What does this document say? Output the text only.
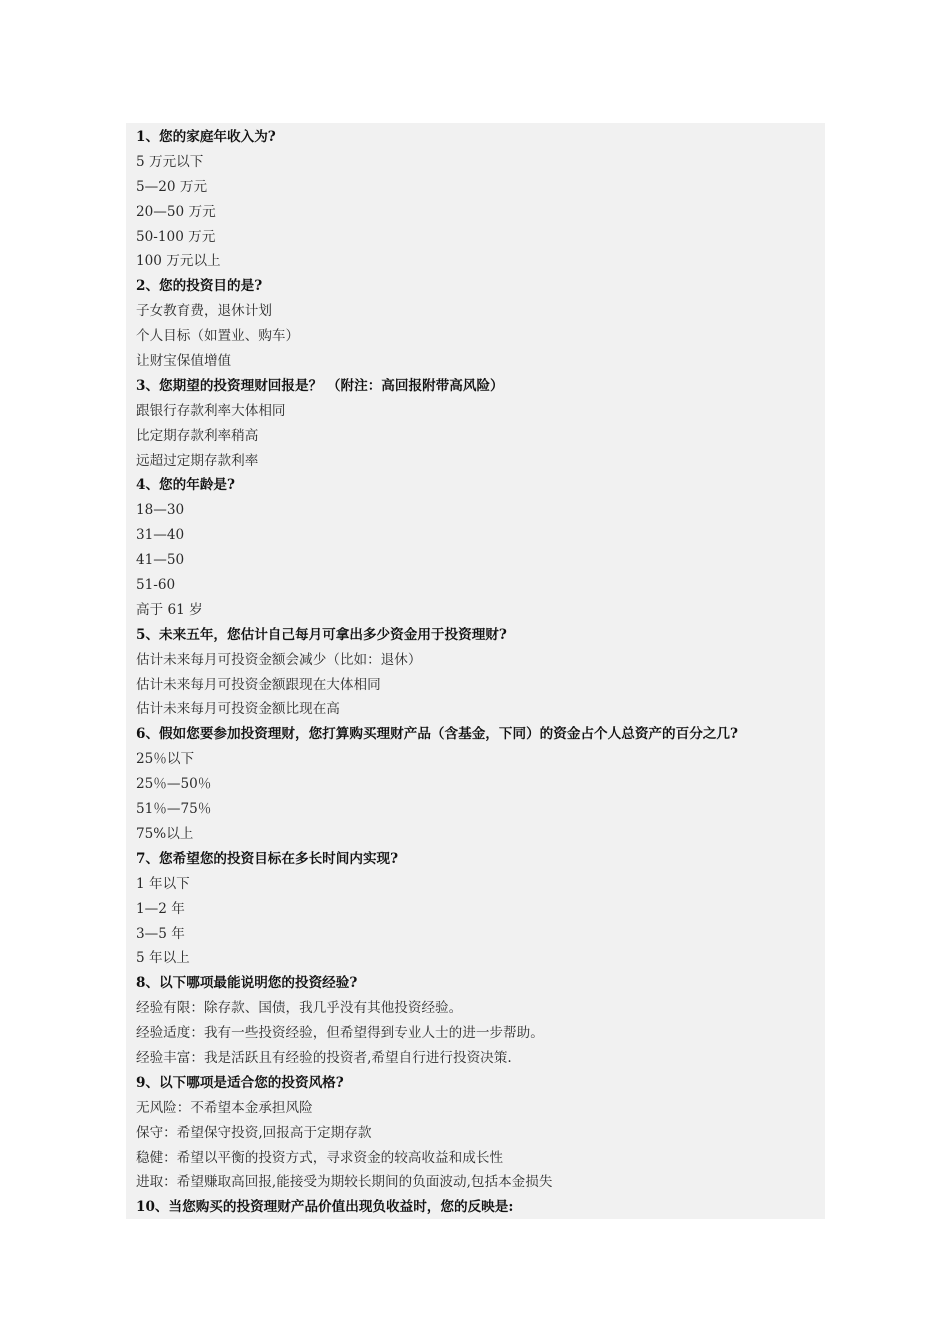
1、您的家庭年收入为?
5 万元以下
5—20 万元
20—50 万元
50-100 万元
100 万元以上
2、您的投资目的是?
子女教育费，退休计划
个人目标（如置业、购车）
让财宝保值增值
3、您期望的投资理财回报是？ （附注：高回报附带高风险）
跟银行存款利率大体相同
比定期存款利率稍高
远超过定期存款利率
4、您的年龄是?
18—30
31—40
41—50
51-60
高于 61 岁
5、未来五年，您估计自己每月可拿出多少资金用于投资理财?
估计未来每月可投资金额会减少（比如：退休）
估计未来每月可投资金额跟现在大体相同
估计未来每月可投资金额比现在高
6、假如您要参加投资理财，您打算购买理财产品（含基金，下同）的资金占个人总资产的百分之几?
25％以下
25％—50％
51％—75％
75%以上
7、您希望您的投资目标在多长时间内实现?
1 年以下
1—2 年
3—5 年
5 年以上
8、以下哪项最能说明您的投资经验?
经验有限：除存款、国债，我几乎没有其他投资经验。
经验适度：我有一些投资经验，但希望得到专业人士的进一步帮助。
经验丰富：我是活跃且有经验的投资者,希望自行进行投资决策.
9、以下哪项是适合您的投资风格?
无风险：不希望本金承担风险
保守：希望保守投资,回报高于定期存款
稳健：希望以平衡的投资方式，寻求资金的较高收益和成长性
进取：希望赚取高回报,能接受为期较长期间的负面波动,包括本金损失
10、当您购买的投资理财产品价值出现负收益时，您的反映是:
